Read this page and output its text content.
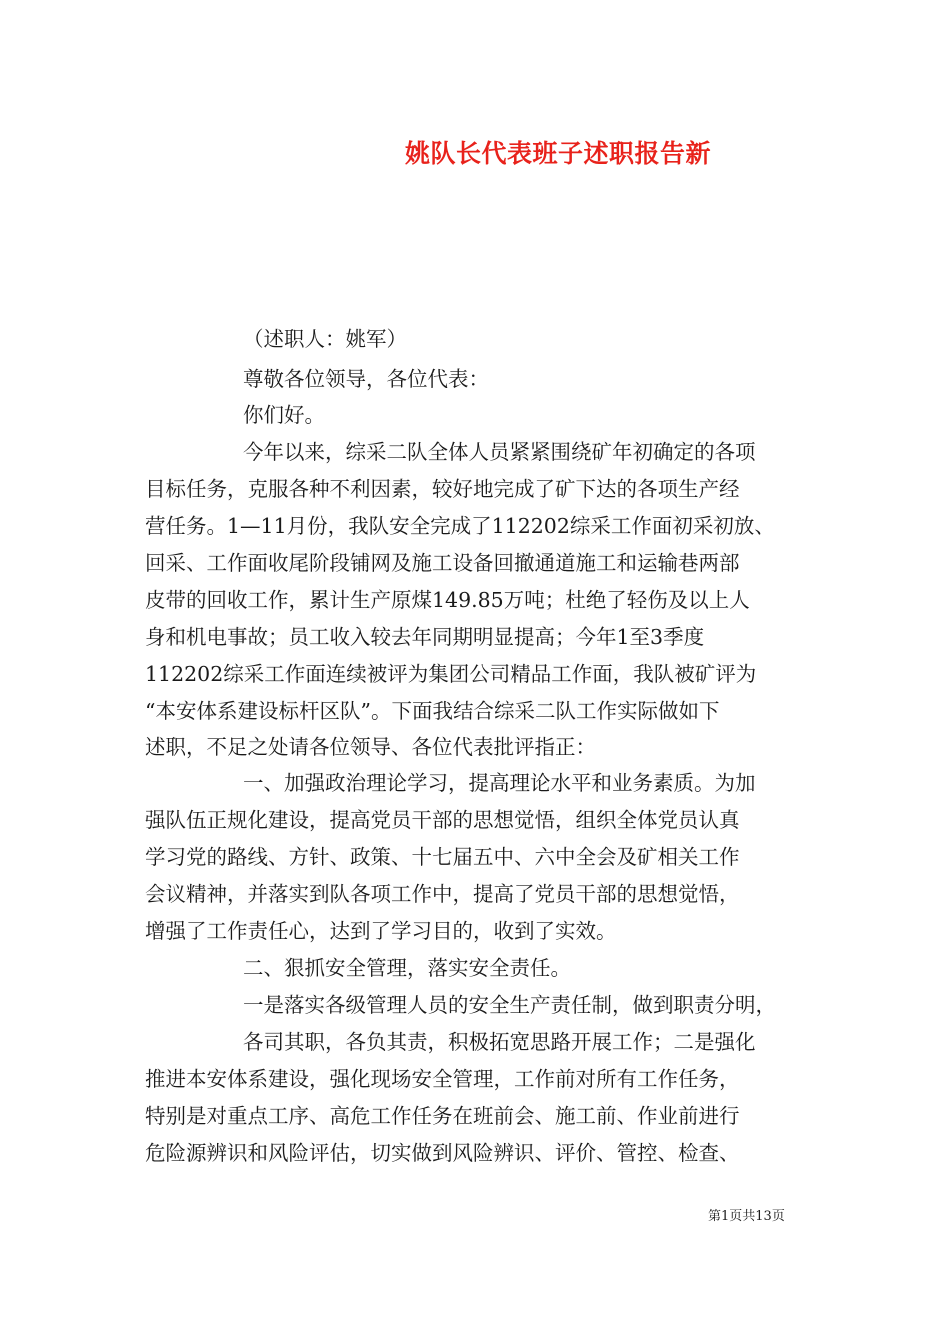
姚队长代表班子述职报告新
（述职人：姚军）
尊敬各位领导，各位代表：
你们好。
今年以来，综采二队全体人员紧紧围绕矿年初确定的各项
目标任务，克服各种不利因素，较好地完成了矿下达的各项生产经
营任务。1—11月份，我队安全完成了112202综采工作面初采初放、
回采、工作面收尾阶段铺网及施工设备回撤通道施工和运输巷两部
皮带的回收工作，累计生产原煤149.85万吨；杜绝了轻伤及以上人
身和机电事故；员工收入较去年同期明显提高；今年1至3季度
112202综采工作面连续被评为集团公司精品工作面，我队被矿评为
“本安体系建设标杆区队”。下面我结合综采二队工作实际做如下
述职，不足之处请各位领导、各位代表批评指正：
一、加强政治理论学习，提高理论水平和业务素质。为加
强队伍正规化建设，提高党员干部的思想觉悟，组织全体党员认真
学习党的路线、方针、政策、十七届五中、六中全会及矿相关工作
会议精神，并落实到队各项工作中，提高了党员干部的思想觉悟，
增强了工作责任心，达到了学习目的，收到了实效。
二、狠抓安全管理，落实安全责任。
一是落实各级管理人员的安全生产责任制，做到职责分明，
各司其职，各负其责，积极拓宽思路开展工作；二是强化
推进本安体系建设，强化现场安全管理，工作前对所有工作任务，
特别是对重点工序、高危工作任务在班前会、施工前、作业前进行
危险源辨识和风险评估，切实做到风险辨识、评价、管控、检查、
第1页共13页
